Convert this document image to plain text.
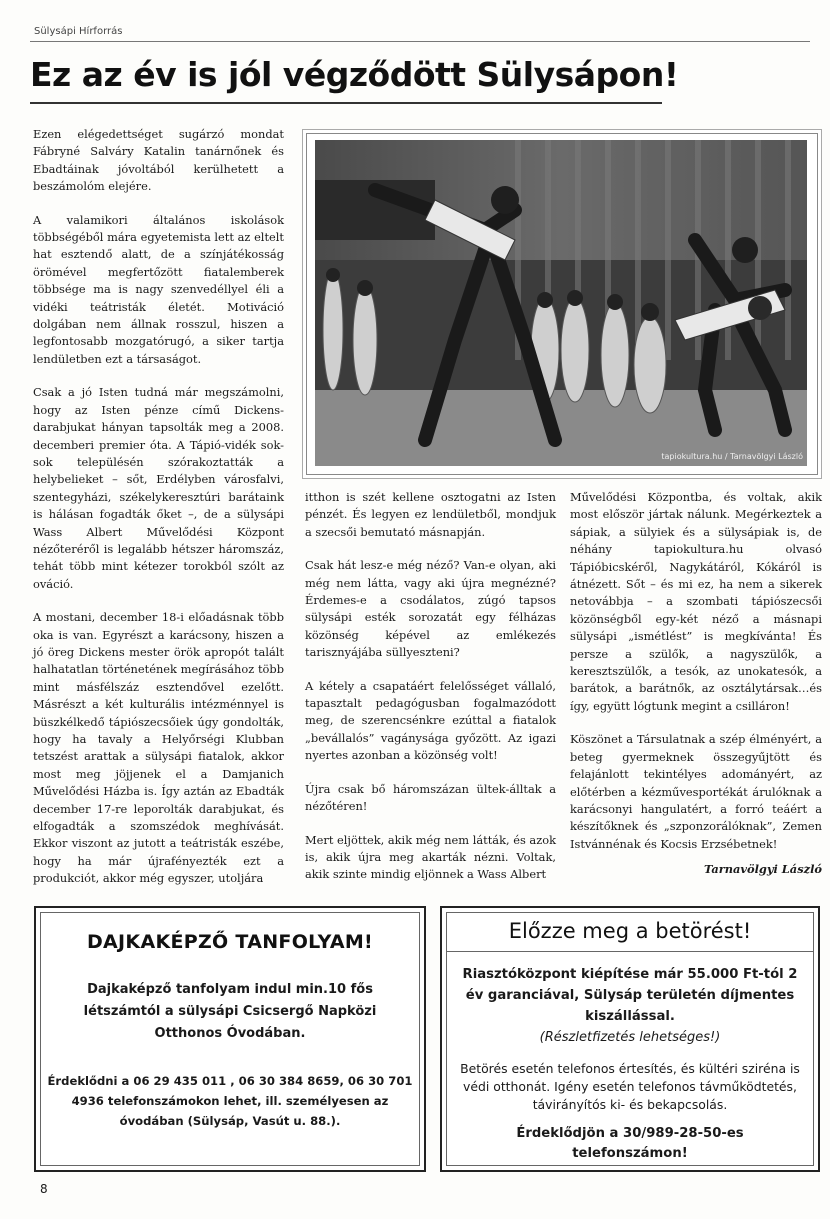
Sülysápi Hírforrás
Ez az év is jól végződött Sülysápon!

Ezen elégedettséget sugárzó mondat Fábryné Salváry Katalin tanárnőnek és Ebadtáinak jóvoltából kerülhetett a beszámolóm elejére.

A valamikori általános iskolások többségéből mára egyetemista lett az eltelt hat esztendő alatt, de a színjátékosság örömével megfertőzött fiatalemberek többsége ma is nagy szenvedéllyel éli a vidéki teátristák életét. Motiváció dolgában nem állnak rosszul, hiszen a legfontosabb mozgatórugó, a siker tartja lendületben ezt a társaságot.

Csak a jó Isten tudná már megszámolni, hogy az Isten pénze című Dickens-darabjukat hányan tapsolták meg a 2008. decemberi premier óta. A Tápió-vidék sok-sok településén szórakoztatták a helybelieket – sőt, Erdélyben városfalvi, szentegyházi, székelykeresztúri barátaink is hálásan fogadták őket –, de a sülysápi Wass Albert Művelődési Központ nézőteréről is legalább hétszer háromszáz, tehát több mint kétezer torokból szólt az ováció.

A mostani, december 18-i előadásnak több oka is van. Egyrészt a karácsony, hiszen a jó öreg Dickens mester örök apropót talált halhatatlan történetének megírásához több mint másfélszáz esztendővel ezelőtt. Másrészt a két kulturális intézménnyel is büszkélkedő tápiószecsőiek úgy gondolták, hogy ha tavaly a Helyőrségi Klubban tetszést arattak a sülysápi fiatalok, akkor most meg jöjjenek el a Damjanich Művelődési Házba is. Így aztán az Ebadták december 17-re leporolták darabjukat, és elfogadták a szomszédok meghívását. Ekkor viszont az jutott a teátristák eszébe, hogy ha már újrafényezték ezt a produkciót, akkor még egyszer, utoljára

tapiokultura.hu / Tarnavölgyi László

itthon is szét kellene osztogatni az Isten pénzét. És legyen ez lendületből, mondjuk a szecsői bemutató másnapján.

Csak hát lesz-e még néző? Van-e olyan, aki még nem látta, vagy aki újra megnézné? Érdemes-e a csodálatos, zúgó tapsos sülysápi esték sorozatát egy félházas közönség képével az emlékezés tarisznyájába süllyeszteni?

A kétely a csapatáért felelősséget vállaló, tapasztalt pedagógusban fogalmazódott meg, de szerencsénkre ezúttal a fiatalok „bevállalós” vagánysága győzött. Az igazi nyertes azonban a közönség volt!

Újra csak bő háromszázan ültek-álltak a nézőtéren!

Mert eljöttek, akik még nem látták, és azok is, akik újra meg akarták nézni. Voltak, akik szinte mindig eljönnek a Wass Albert

Művelődési Központba, és voltak, akik most először jártak nálunk. Megérkeztek a sápiak, a sülyiek és a sülysápiak is, de néhány tapiokultura.hu olvasó Tápióbicskéről, Nagykátáról, Kókáról is átnézett. Sőt – és mi ez, ha nem a sikerek netovábbja – a szombati tápiószecsői közönségből egy-két néző a másnapi sülysápi „ismétlést” is megkívánta! És persze a szülők, a nagyszülők, a keresztszülők, a tesók, az unokatesók, a barátok, a barátnők, az osztálytársak…és így, együtt lógtunk megint a csilláron!

Köszönet a Társulatnak a szép élményért, a beteg gyermeknek összegyűjtött és felajánlott tekintélyes adományért, az előtérben a kézművesportékát árulóknak a karácsonyi hangulatért, a forró teáért a készítőknek és „szponzorálóknak”, Zemen Istvánnénak és Kocsis Erzsébetnek!

Tarnavölgyi László

DAJKAKÉPZŐ TANFOLYAM!
Dajkaképző tanfolyam indul min.10 fős létszámtól a sülysápi Csicsergő Napközi Otthonos Óvodában.
Érdeklődni a 06 29 435 011 , 06 30 384 8659, 06 30 701 4936 telefonszámokon lehet, ill. személyesen az óvodában (Sülysáp, Vasút u. 88.).
Előzze meg a betörést!
Riasztóközpont kiépítése már 55.000 Ft-tól 2 év garanciával, Sülysáp területén díjmentes kiszállással.
(Részletfizetés lehetséges!)
Betörés esetén telefonos értesítés, és kültéri sziréna is védi otthonát. Igény esetén telefonos távműködtetés, távirányítós ki- és bekapcsolás.
Érdeklődjön a 30/989-28-50-es telefonszámon!
8
